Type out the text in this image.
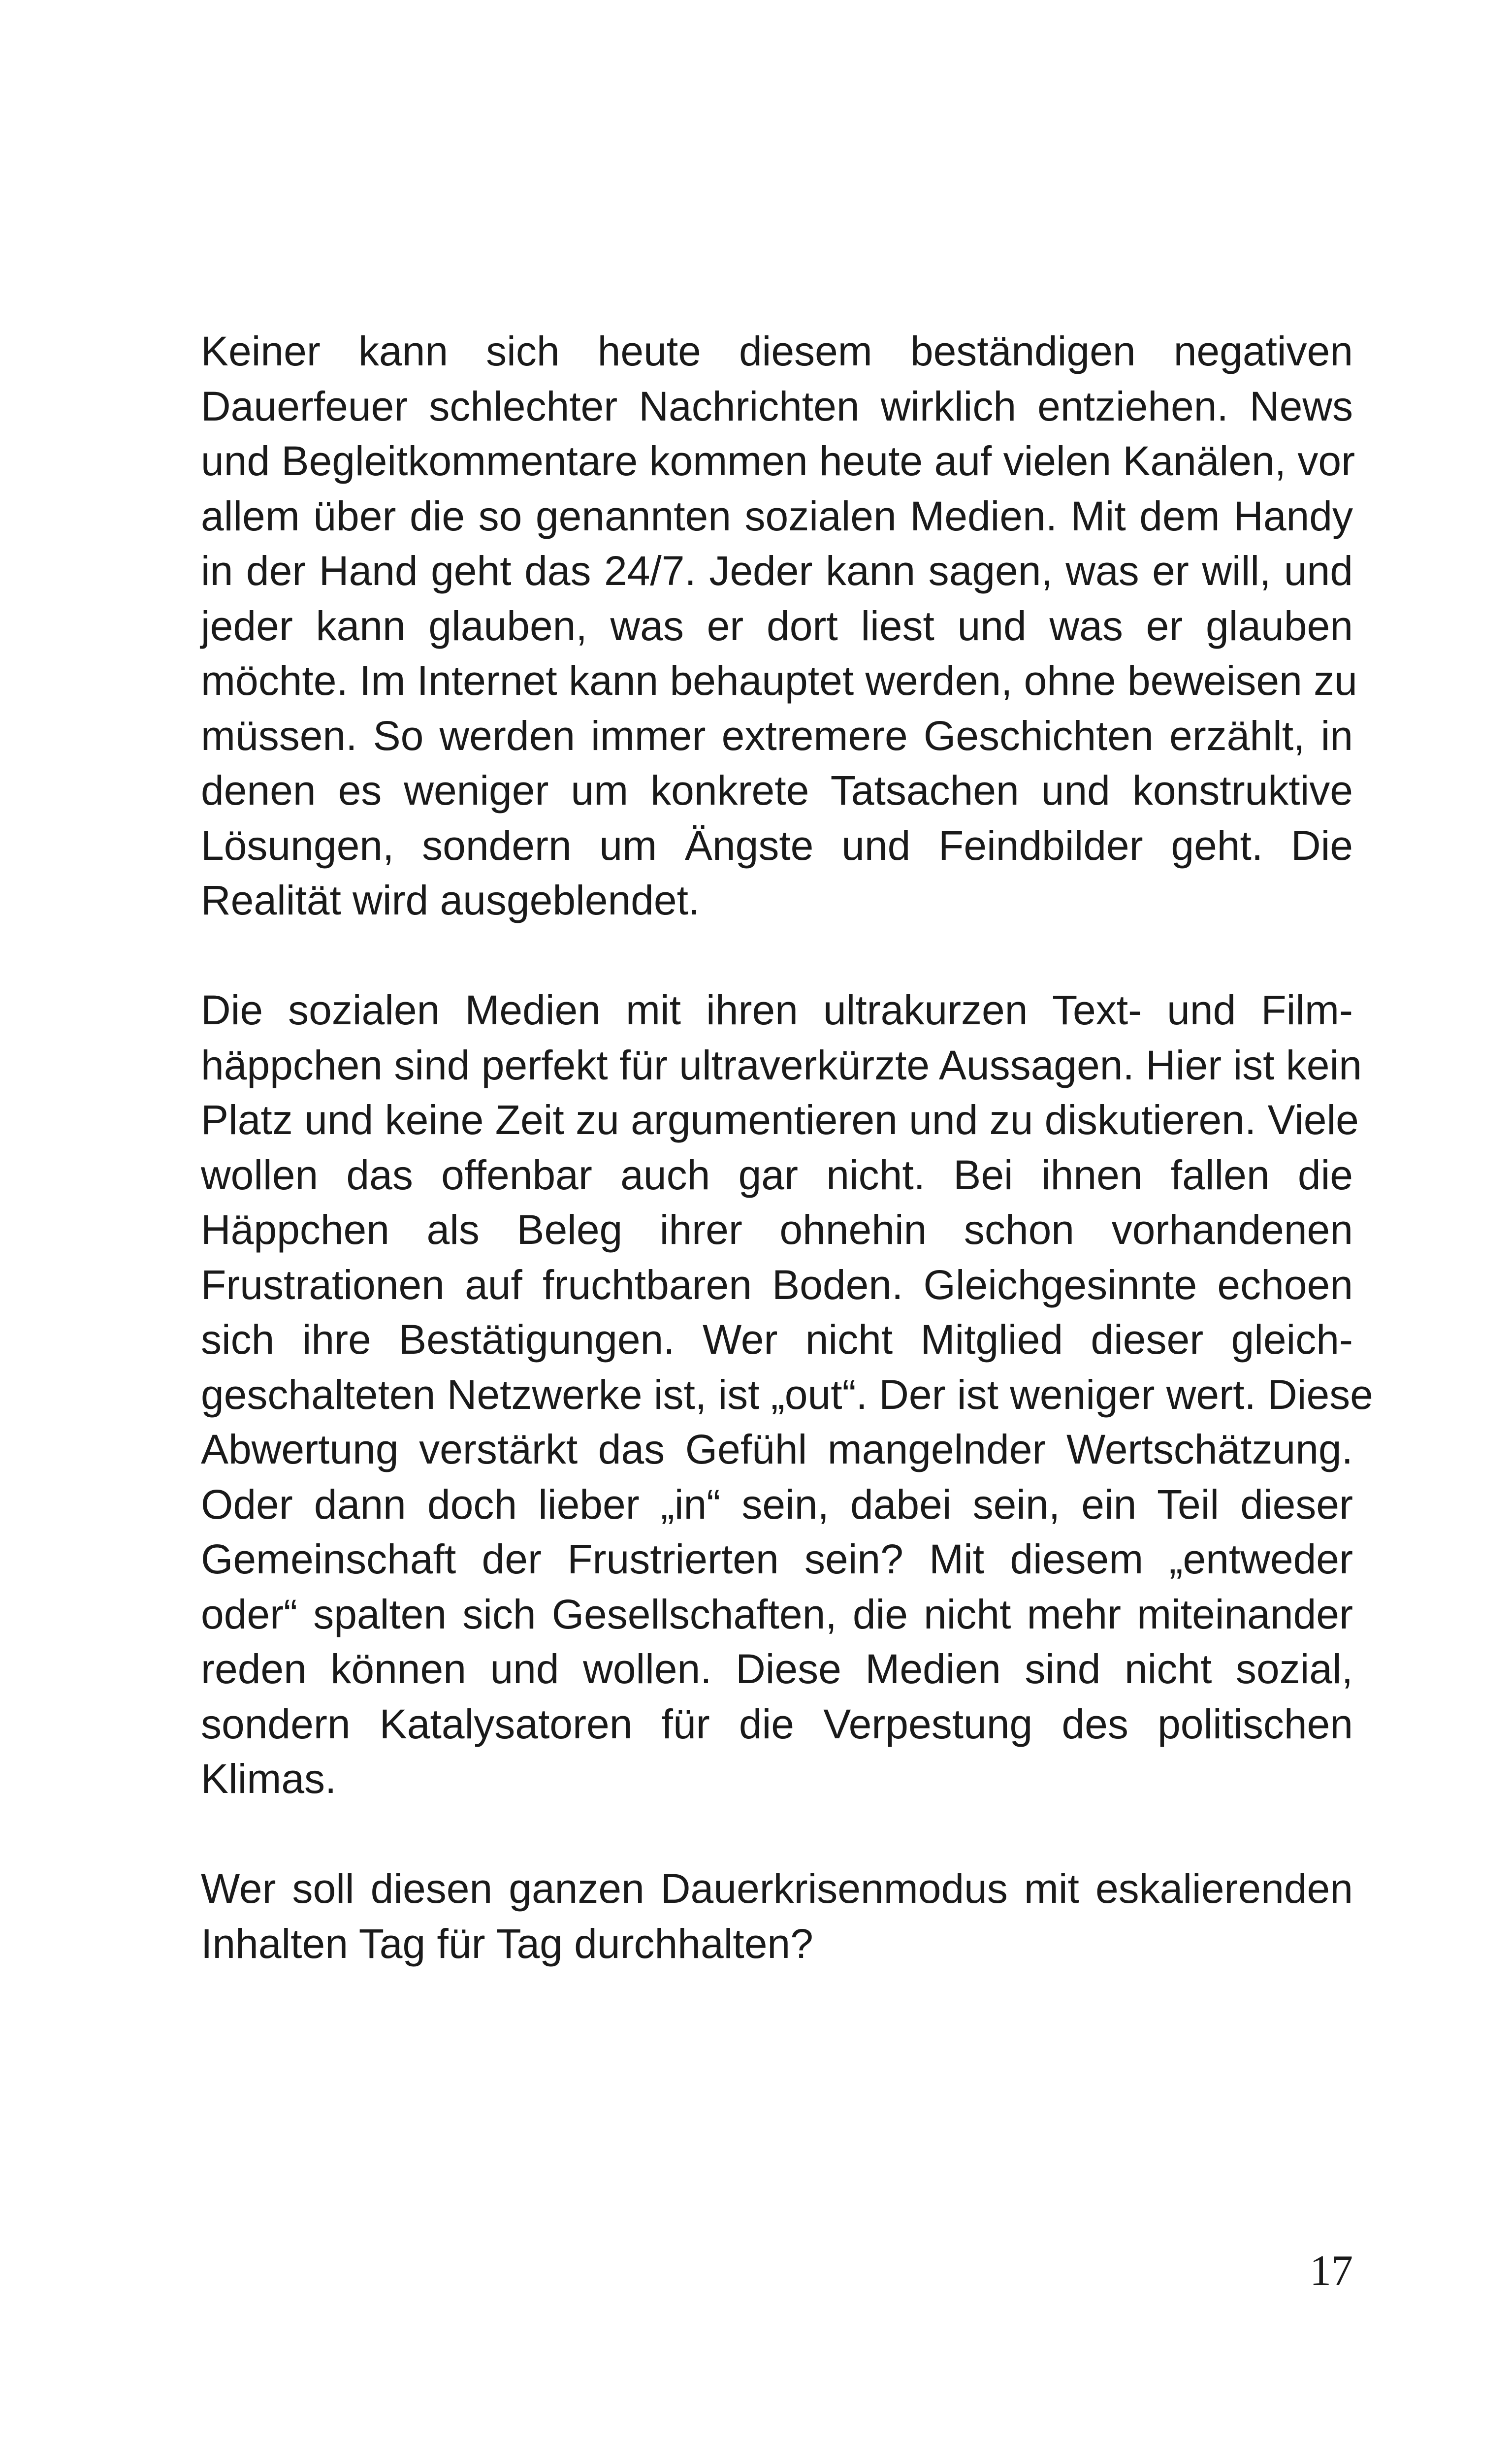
Keiner kann sich heute diesem beständigen negativen
Dauerfeuer schlechter Nachrichten wirklich entziehen. News
und Begleitkommentare kommen heute auf vielen Kanälen, vor
allem über die so genannten sozialen Medien. Mit dem Handy
in der Hand geht das 24/7. Jeder kann sagen, was er will, und
jeder kann glauben, was er dort liest und was er glauben
möchte. Im Internet kann behauptet werden, ohne beweisen zu
müssen. So werden immer extremere Geschichten erzählt, in
denen es weniger um konkrete Tatsachen und konstruktive
Lösungen, sondern um Ängste und Feindbilder geht. Die
Realität wird ausgeblendet.

Die sozialen Medien mit ihren ultrakurzen Text- und Film-
häppchen sind perfekt für ultraverkürzte Aussagen. Hier ist kein
Platz und keine Zeit zu argumentieren und zu diskutieren. Viele
wollen das offenbar auch gar nicht. Bei ihnen fallen die
Häppchen als Beleg ihrer ohnehin schon vorhandenen
Frustrationen auf fruchtbaren Boden. Gleichgesinnte echoen
sich ihre Bestätigungen. Wer nicht Mitglied dieser gleich-
geschalteten Netzwerke ist, ist „out“. Der ist weniger wert. Diese
Abwertung verstärkt das Gefühl mangelnder Wertschätzung.
Oder dann doch lieber „in“ sein, dabei sein, ein Teil dieser
Gemeinschaft der Frustrierten sein? Mit diesem „entweder
oder“ spalten sich Gesellschaften, die nicht mehr miteinander
reden können und wollen. Diese Medien sind nicht sozial,
sondern Katalysatoren für die Verpestung des politischen
Klimas.

Wer soll diesen ganzen Dauerkrisenmodus mit eskalierenden
Inhalten Tag für Tag durchhalten?

17
